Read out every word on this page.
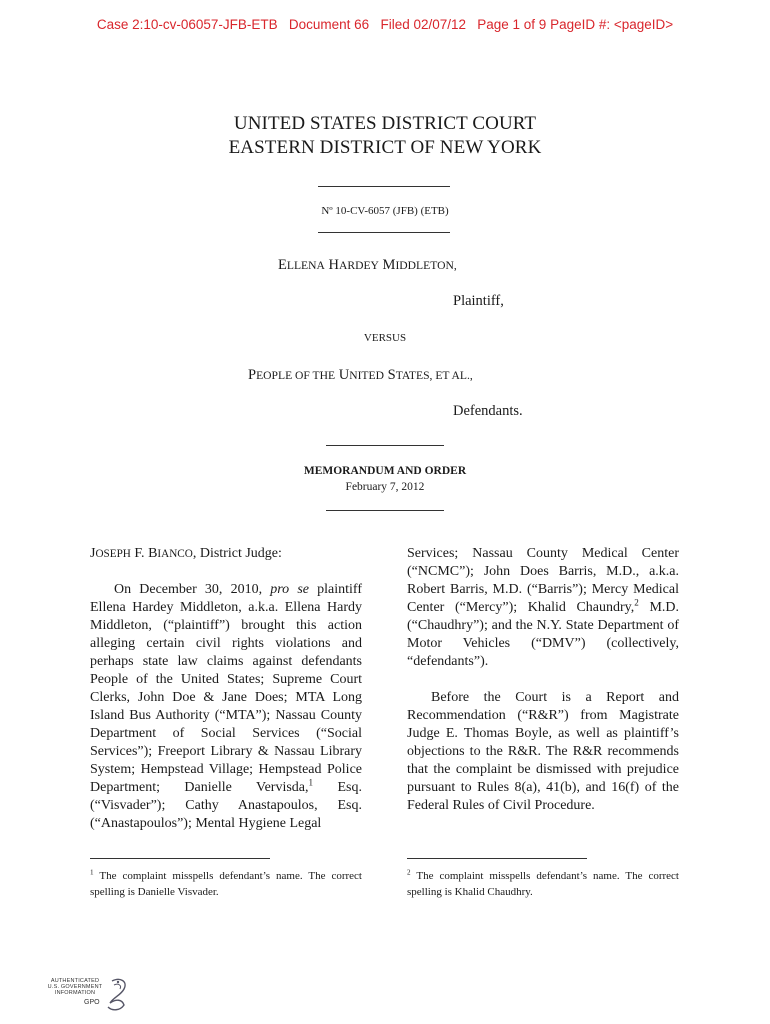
Case 2:10-cv-06057-JFB-ETB   Document 66   Filed 02/07/12   Page 1 of 9 PageID #: <pageID>
UNITED STATES DISTRICT COURT
EASTERN DISTRICT OF NEW YORK
Nº 10-CV-6057 (JFB) (ETB)
ELLENA HARDEY MIDDLETON,
Plaintiff,
VERSUS
PEOPLE OF THE UNITED STATES, ET AL.,
Defendants.
MEMORANDUM AND ORDER
February 7, 2012

JOSEPH F. BIANCO, District Judge:

On December 30, 2010, pro se plaintiff Ellena Hardey Middleton, a.k.a. Ellena Hardy Middleton, (“plaintiff”) brought this action alleging certain civil rights violations and perhaps state law claims against defendants People of the United States; Supreme Court Clerks, John Doe & Jane Does; MTA Long Island Bus Authority (“MTA”); Nassau County Department of Social Services (“Social Services”); Freeport Library & Nassau Library System; Hempstead Village; Hempstead Police Department; Danielle Vervisda,$^1$ Esq. (“Visvader”); Cathy Anastapoulos, Esq. (“Anastapoulos”); Mental Hygiene Legal

Services; Nassau County Medical Center (“NCMC”); John Does Barris, M.D., a.k.a. Robert Barris, M.D. (“Barris”); Mercy Medical Center (“Mercy”); Khalid Chaundry,$^2$ M.D. (“Chaudhry”); and the N.Y. State Department of Motor Vehicles (“DMV”) (collectively, “defendants”).

Before the Court is a Report and Recommendation (“R&R”) from Magistrate Judge E. Thomas Boyle, as well as plaintiff’s objections to the R&R. The R&R recommends that the complaint be dismissed with prejudice pursuant to Rules 8(a), 41(b), and 16(f) of the Federal Rules of Civil Procedure.

$^1$ The complaint misspells defendant’s name. The correct spelling is Danielle Visvader.
$^2$ The complaint misspells defendant’s name. The correct spelling is Khalid Chaudhry.
AUTHENTICATED
U.S. GOVERNMENT
INFORMATION
GPO
